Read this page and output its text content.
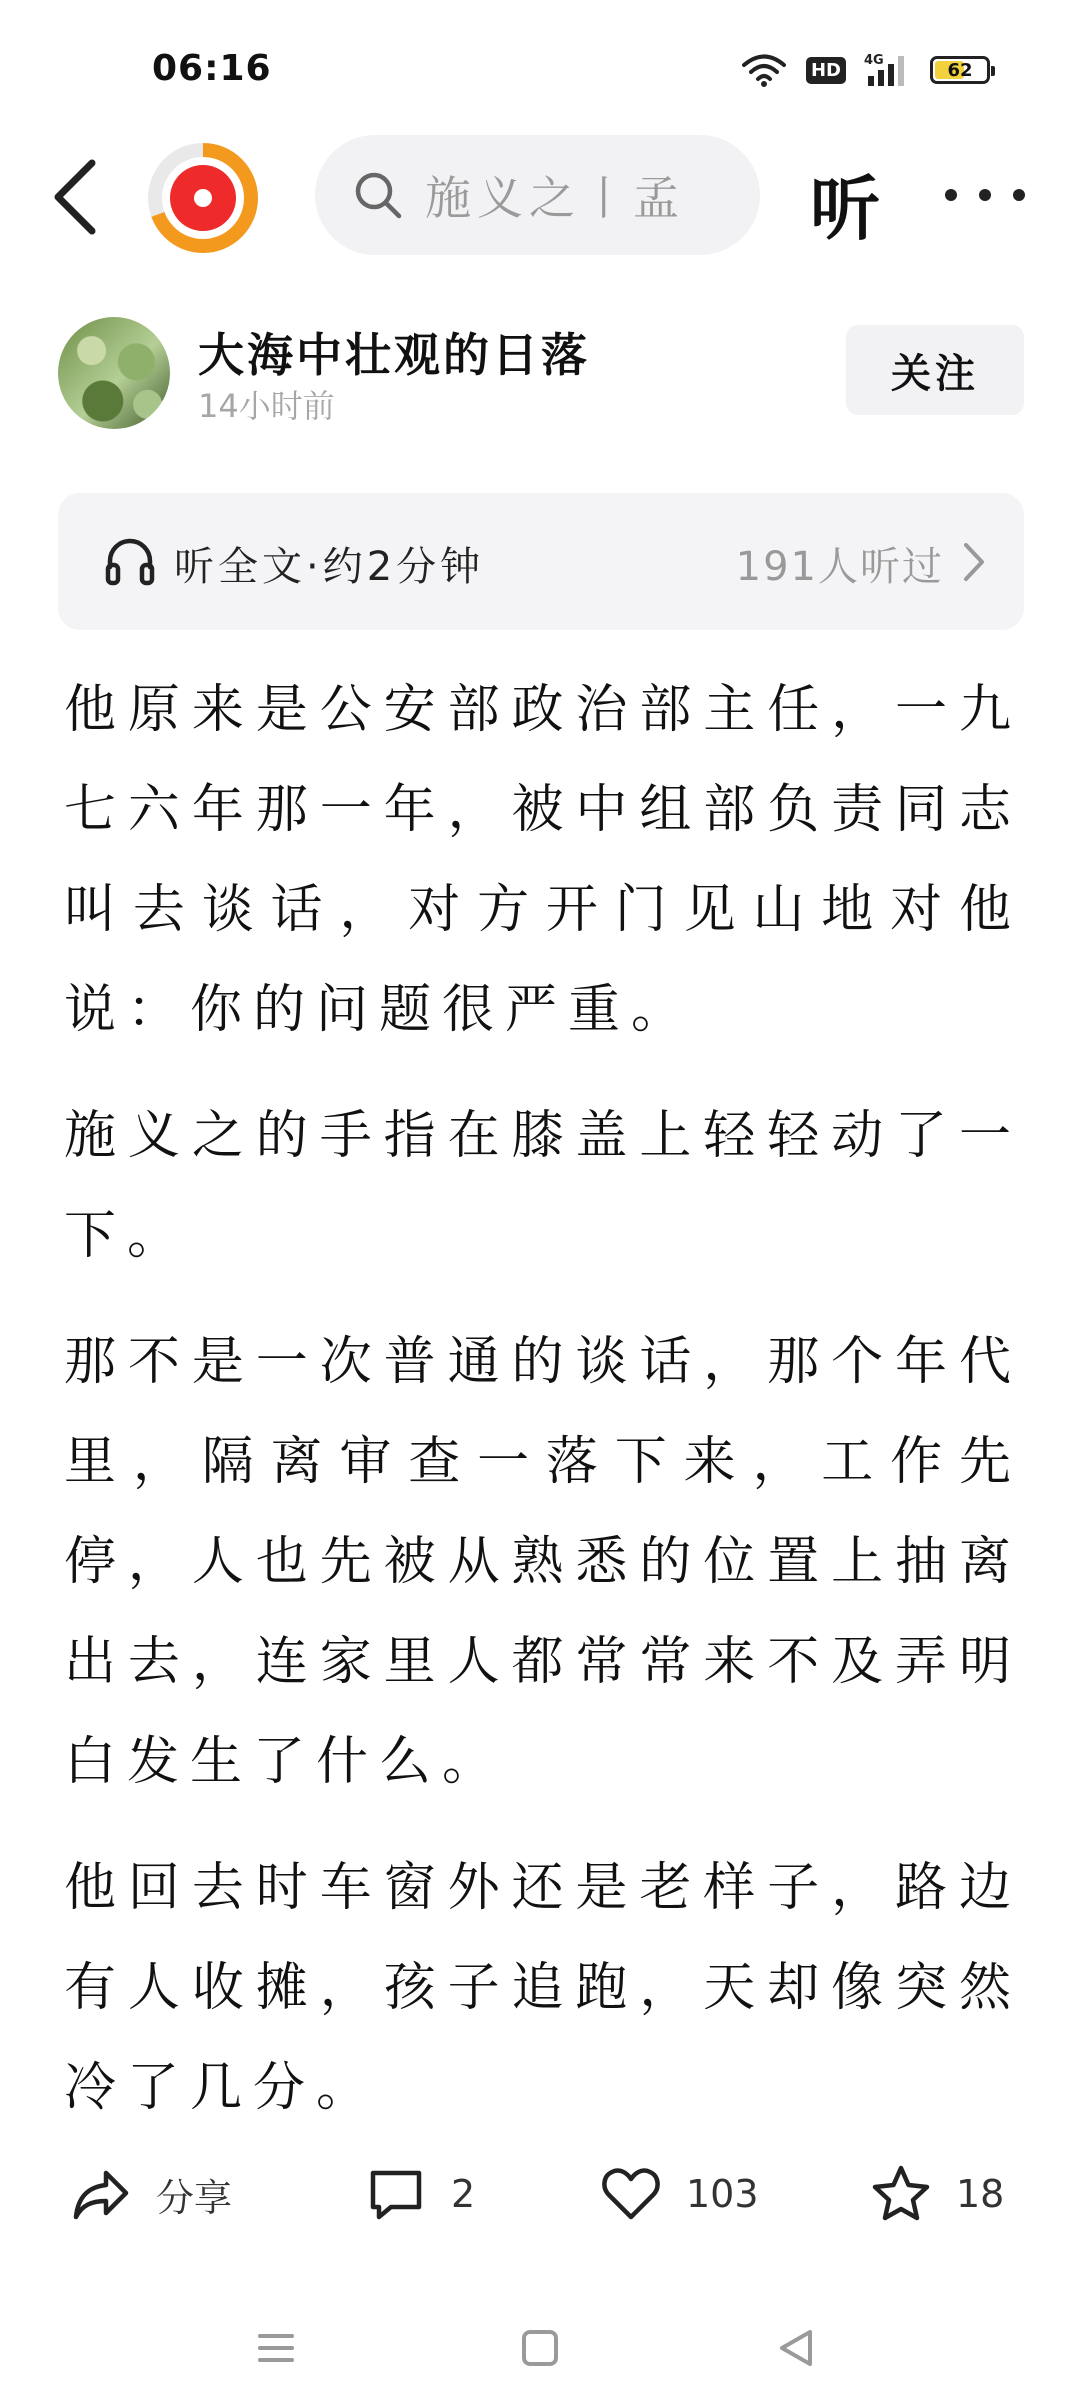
06:16	HD	4G	62
施义之丨孟 听
大海中壮观的日落
14小时前
关注
听全文·约2分钟	191人听过

他原来是公安部政治部主任，一九七六年那一年，被中组部负责同志叫去谈话，对方开门见山地对他说：你的问题很严重。

施义之的手指在膝盖上轻轻动了一下。

那不是一次普通的谈话，那个年代里，隔离审查一落下来，工作先停，人也先被从熟悉的位置上抽离出去，连家里人都常常来不及弄明白发生了什么。

他回去时车窗外还是老样子，路边有人收摊，孩子追跑，天却像突然冷了几分。

分享	2	103	18
